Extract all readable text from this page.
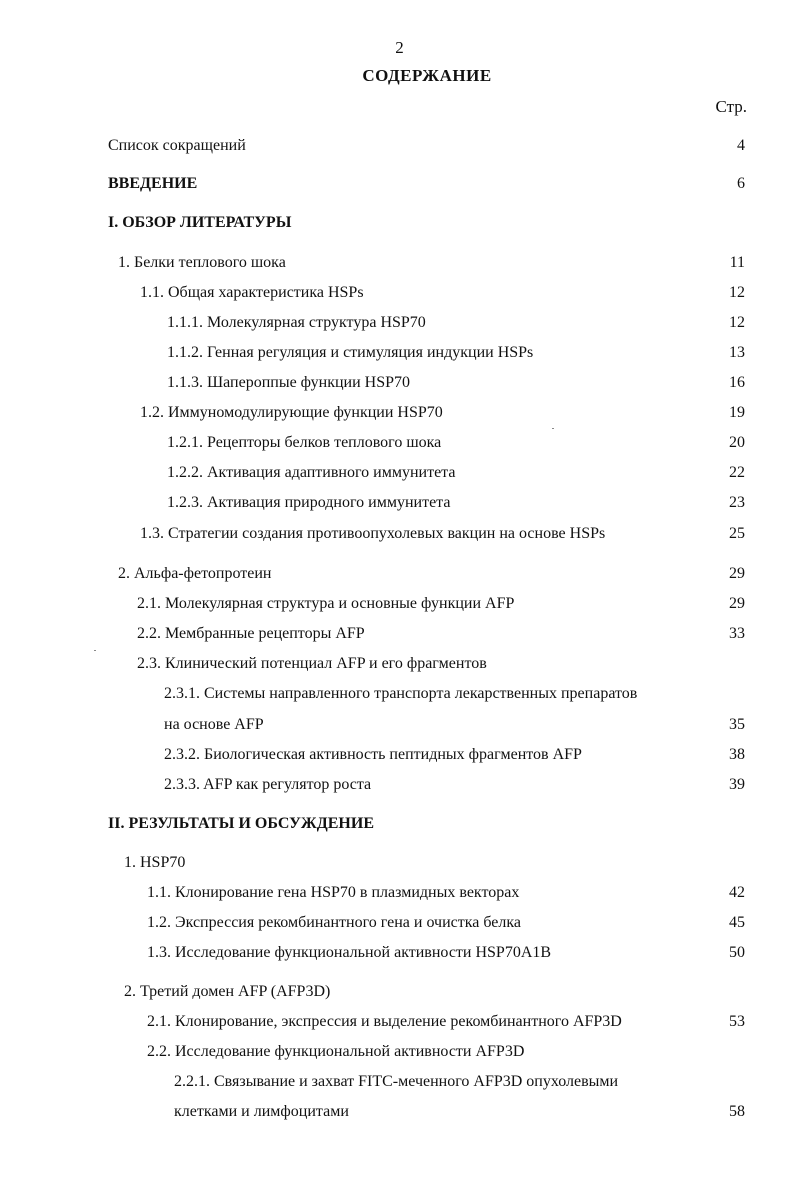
2
СОДЕРЖАНИЕ
Стр.
Список сокращений	4
ВВЕДЕНИЕ	6
I. ОБЗОР ЛИТЕРАТУРЫ
1. Белки теплового шока	11
1.1. Общая характеристика HSPs	12
1.1.1. Молекулярная структура HSP70	12
1.1.2. Генная регуляция и стимуляция индукции HSPs	13
1.1.3. Шапероппые функции HSP70	16
1.2. Иммуномодулирующие функции HSP70	19
1.2.1. Рецепторы белков теплового шока	20
1.2.2. Активация адаптивного иммунитета	22
1.2.3. Активация природного иммунитета	23
1.3. Стратегии создания противоопухолевых вакцин на основе HSPs	25
2. Альфа-фетопротеин	29
2.1. Молекулярная структура и основные функции AFP	29
2.2. Мембранные рецепторы AFP	33
2.3. Клинический потенциал AFP и его фрагментов
2.3.1. Системы направленного транспорта лекарственных препаратов
на основе AFP	35
2.3.2. Биологическая активность пептидных фрагментов AFP	38
2.3.3. AFP как регулятор роста	39
II. РЕЗУЛЬТАТЫ И ОБСУЖДЕНИЕ
1. HSP70
1.1. Клонирование гена HSP70 в плазмидных векторах	42
1.2. Экспрессия рекомбинантного гена и очистка белка	45
1.3. Исследование функциональной активности HSP70A1B	50
2. Третий домен AFP (AFP3D)
2.1. Клонирование, экспрессия и выделение рекомбинантного AFP3D	53
2.2. Исследование функциональной активности AFP3D
2.2.1. Связывание и захват FITC-меченного AFP3D опухолевыми
клетками и лимфоцитами	58
